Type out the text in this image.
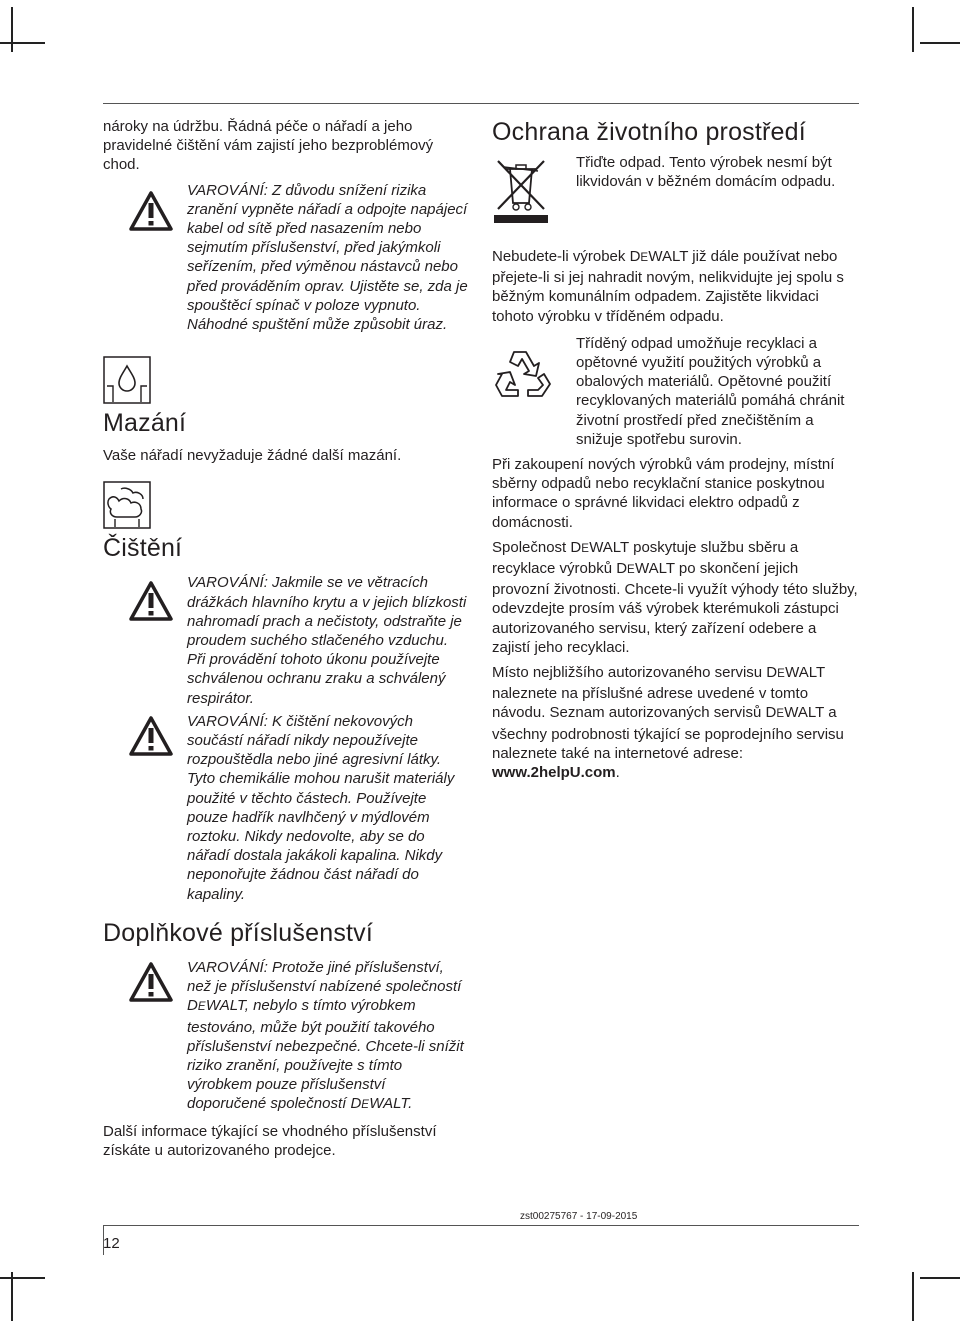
nároky na údržbu. Řádná péče o nářadí a jeho pravidelné čištění vám zajistí jeho bezproblémový chod.

VAROVÁNÍ: Z důvodu snížení rizika zranění vypněte nářadí a odpojte napájecí kabel od sítě před nasazením nebo sejmutím příslušenství, před jakýmkoli seřízením, před výměnou nástavců nebo před prováděním oprav. Ujistěte se, zda je spouštěcí spínač v poloze vypnuto. Náhodné spuštění může způsobit úraz.

Mazání

Vaše nářadí nevyžaduje žádné další mazání.

Čištění

VAROVÁNÍ: Jakmile se ve větracích drážkách hlavního krytu a v jejich blízkosti nahromadí prach a nečistoty, odstraňte je proudem suchého stlačeného vzduchu. Při provádění tohoto úkonu používejte schválenou ochranu zraku a schválený respirátor.

VAROVÁNÍ: K čištění nekovových součástí nářadí nikdy nepoužívejte rozpouštědla nebo jiné agresivní látky. Tyto chemikálie mohou narušit materiály použité v těchto částech. Používejte pouze hadřík navlhčený v mýdlovém roztoku. Nikdy nedovolte, aby se do nářadí dostala jakákoli kapalina. Nikdy neponořujte žádnou část nářadí do kapaliny.

Doplňkové příslušenství

VAROVÁNÍ: Protože jiné příslušenství, než je příslušenství nabízené společností DEWALT, nebylo s tímto výrobkem testováno, může být použití takového příslušenství nebezpečné. Chcete-li snížit riziko zranění, používejte s tímto výrobkem pouze příslušenství doporučené společností DEWALT.

Další informace týkající se vhodného příslušenství získáte u autorizovaného prodejce.

Ochrana životního prostředí

Třiďte odpad. Tento výrobek nesmí být likvidován v běžném domácím odpadu.

Nebudete-li výrobek DEWALT již dále používat nebo přejete-li si jej nahradit novým, nelikvidujte jej spolu s běžným komunálním odpadem. Zajistěte likvidaci tohoto výrobku v tříděném odpadu.

Tříděný odpad umožňuje recyklaci a opětovné využití použitých výrobků a obalových materiálů. Opětovné použití recyklovaných materiálů pomáhá chránit životní prostředí před znečištěním a snižuje spotřebu surovin.

Při zakoupení nových výrobků vám prodejny, místní sběrny odpadů nebo recyklační stanice poskytnou informace o správné likvidaci elektro odpadů z domácnosti.

Společnost DEWALT poskytuje službu sběru a recyklace výrobků DEWALT po skončení jejich provozní životnosti. Chcete-li využít výhody této služby, odevzdejte prosím váš výrobek kterémukoli zástupci autorizovaného servisu, který zařízení odebere a zajistí jeho recyklaci.

Místo nejbližšího autorizovaného servisu DEWALT naleznete na příslušné adrese uvedené v tomto návodu. Seznam autorizovaných servisů DEWALT a všechny podrobnosti týkající se poprodejního servisu naleznete také na internetové adrese: www.2helpU.com.

zst00275767 - 17-09-2015
12
